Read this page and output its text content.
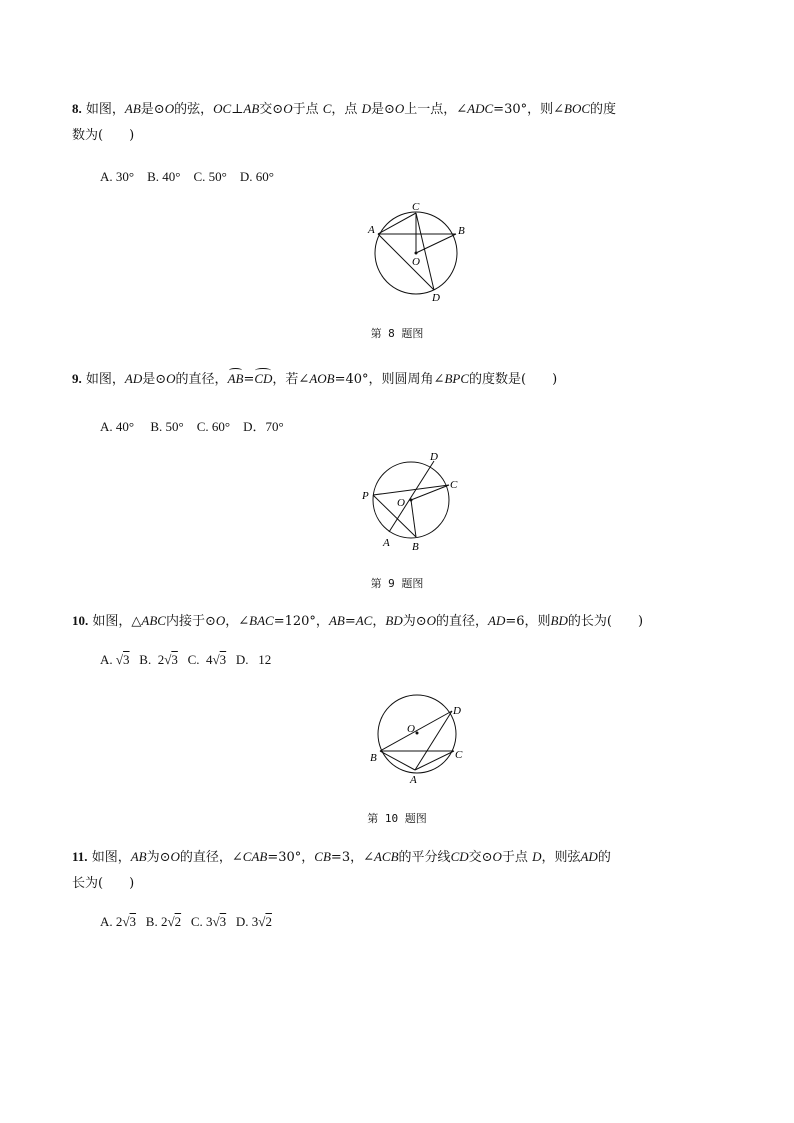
8. 如图，AB是⊙O的弦，OC⊥AB交⊙O于点 C，点 D是⊙O上一点，∠ADC=30°，则∠BOC的度
数为(　　)
A. 30°　B. 40°　C. 50°　D. 60°
A	B
C
D
O
第 8 题图
9. 如图，AD是⊙O的直径，AB=CD，若∠AOB=40°，则圆周角∠BPC的度数是(　　)
A. 40°　 B. 50°　C. 60°　D．70°
P
O
A B
C
D
第 9 题图
10. 如图，△ABC内接于⊙O，∠BAC=120°，AB=AC，BD为⊙O的直径，AD=6，则BD的长为(　　)
A. √3 B. 2√3 C. 4√3 D. 12
O
D
B	C
A
第 10 题图
11. 如图，AB为⊙O的直径，∠CAB=30°，CB=3，∠ACB的平分线CD交⊙O于点 D，则弦AD的
长为(　　)
A. 2√3 B. 2√2 C. 3√3 D. 3√2
